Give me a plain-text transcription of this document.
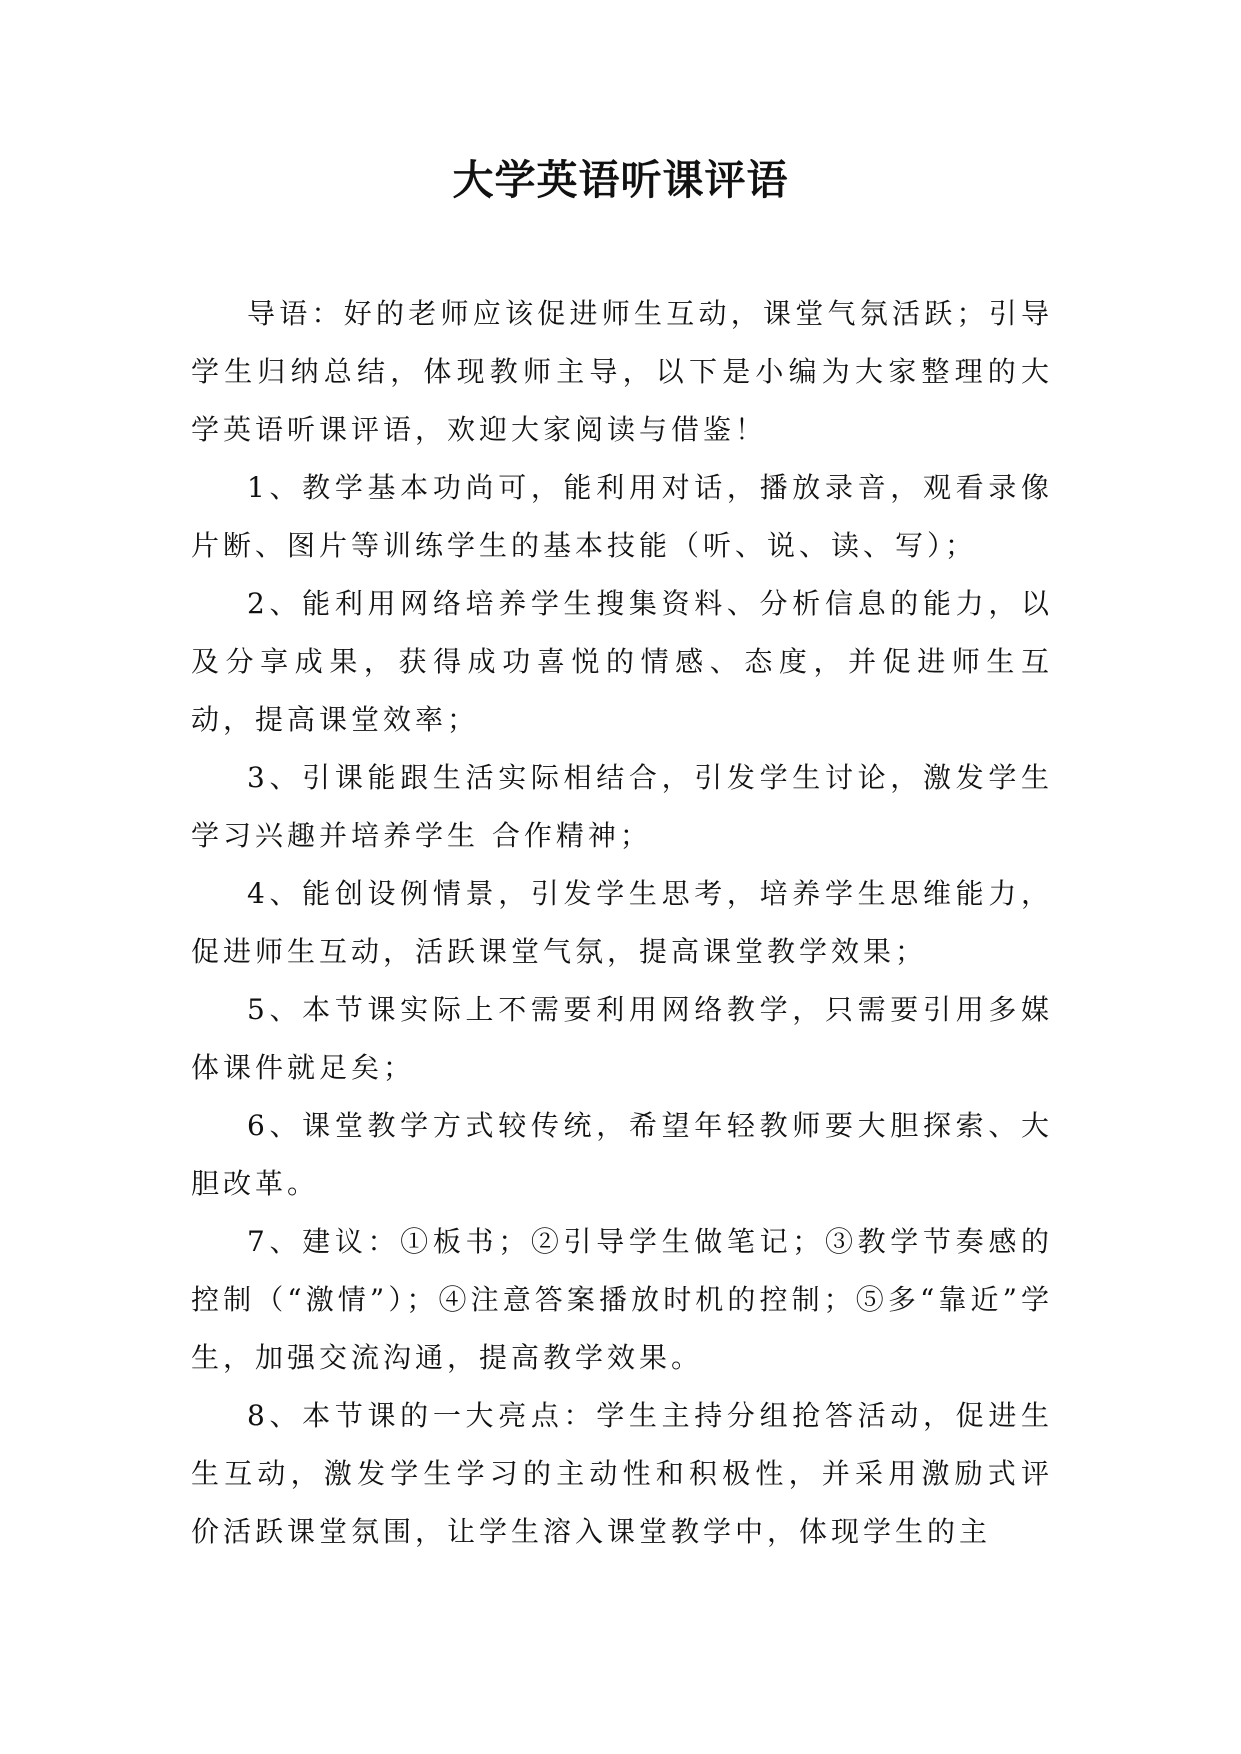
大学英语听课评语

导语：好的老师应该促进师生互动，课堂气氛活跃；引导学生归纳总结，体现教师主导，以下是小编为大家整理的大学英语听课评语，欢迎大家阅读与借鉴！

1、教学基本功尚可，能利用对话，播放录音，观看录像片断、图片等训练学生的基本技能（听、说、读、写）；

2、能利用网络培养学生搜集资料、分析信息的能力，以及分享成果，获得成功喜悦的情感、态度，并促进师生互动，提高课堂效率；

3、引课能跟生活实际相结合，引发学生讨论，激发学生学习兴趣并培养学生 合作精神；

4、能创设例情景，引发学生思考，培养学生思维能力，促进师生互动，活跃课堂气氛，提高课堂教学效果；

5、本节课实际上不需要利用网络教学，只需要引用多媒体课件就足矣；

6、课堂教学方式较传统，希望年轻教师要大胆探索、大胆改革。

7、建议：①板书；②引导学生做笔记；③教学节奏感的控制（“激情”）；④注意答案播放时机的控制；⑤多“靠近”学生，加强交流沟通，提高教学效果。

8、本节课的一大亮点：学生主持分组抢答活动，促进生生互动，激发学生学习的主动性和积极性，并采用激励式评价活跃课堂氛围，让学生溶入课堂教学中，体现学生的主
